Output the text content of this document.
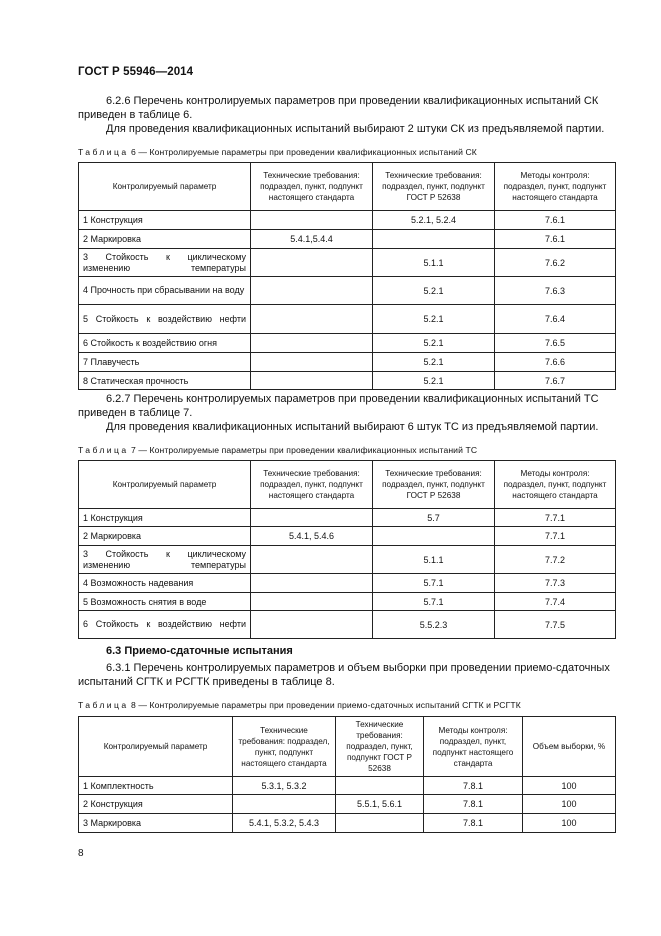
ГОСТ Р 55946—2014
6.2.6 Перечень контролируемых параметров при проведении квалификационных испытаний СК
приведен в таблице 6.
Для проведения квалификационных испытаний выбирают 2 штуки СК из предъявляемой партии.
Таблица 6 — Контролируемые параметры при проведении квалификационных испытаний СК
Контролируемый параметр	Технические требования: подраздел, пункт, подпункт настоящего стандарта	Технические требования: подраздел, пункт, подпункт ГОСТ Р 52638	Методы контроля: подраздел, пункт, подпункт настоящего стандарта
1 Конструкция		5.2.1, 5.2.4	7.6.1
2 Маркировка	5.4.1,5.4.4		7.6.1
3 Стойкость к циклическому изменению температуры		5.1.1	7.6.2
4 Прочность при сбрасывании на воду		5.2.1	7.6.3
5 Стойкость к воздействию нефти		5.2.1	7.6.4
6 Стойкость к воздействию огня		5.2.1	7.6.5
7 Плавучесть		5.2.1	7.6.6
8 Статическая прочность		5.2.1	7.6.7
6.2.7 Перечень контролируемых параметров при проведении квалификационных испытаний ТС
приведен в таблице 7.
Для проведения квалификационных испытаний выбирают 6 штук ТС из предъявляемой партии.
Таблица 7 — Контролируемые параметры при проведении квалификационных испытаний ТС
Контролируемый параметр	Технические требования: подраздел, пункт, подпункт настоящего стандарта	Технические требования: подраздел, пункт, подпункт ГОСТ Р 52638	Методы контроля: подраздел, пункт, подпункт настоящего стандарта
1 Конструкция		5.7	7.7.1
2 Маркировка	5.4.1, 5.4.6		7.7.1
3 Стойкость к циклическому изменению температуры		5.1.1	7.7.2
4 Возможность надевания		5.7.1	7.7.3
5 Возможность снятия в воде		5.7.1	7.7.4
6 Стойкость к воздействию нефти		5.5.2.3	7.7.5
6.3 Приемо-сдаточные испытания
6.3.1 Перечень контролируемых параметров и объем выборки при проведении приемо-сдаточных
испытаний СГТК и РСГТК приведены в таблице 8.
Таблица 8 — Контролируемые параметры при проведении приемо-сдаточных испытаний СГТК и РСГТК
Контролируемый параметр	Технические требования: подраздел, пункт, подпункт настоящего стандарта	Технические требования: подраздел, пункт, подпункт ГОСТ Р 52638	Методы контроля: подраздел, пункт, подпункт настоящего стандарта	Объем выборки, %
1 Комплектность	5.3.1, 5.3.2		7.8.1	100
2 Конструкция		5.5.1, 5.6.1	7.8.1	100
3 Маркировка	5.4.1, 5.3.2, 5.4.3		7.8.1	100
8
